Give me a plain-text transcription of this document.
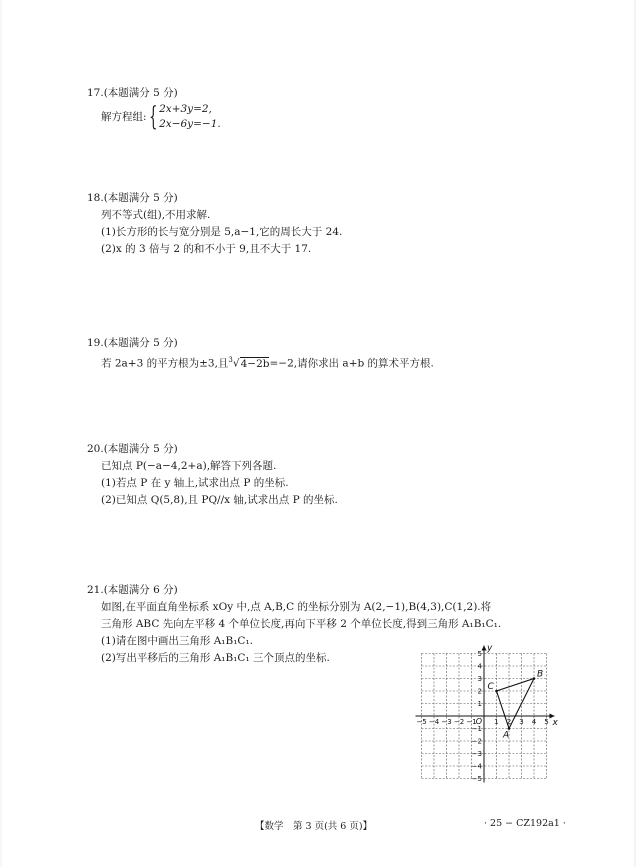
17.(本题满分 5 分)
解方程组:{ 2x+3y=2,
2x−6y=−1.
18.(本题满分 5 分)
列不等式(组),不用求解.
(1)长方形的长与宽分别是 5,a−1,它的周长大于 24.
(2)x 的 3 倍与 2 的和不小于 9,且不大于 17.
19.(本题满分 5 分)
若 2a+3 的平方根为±3,且$^3$√4−2b=−2,请你求出 a+b 的算术平方根.
20.(本题满分 5 分)
已知点 P(−a−4,2+a),解答下列各题.
(1)若点 P 在 y 轴上,试求出点 P 的坐标.
(2)已知点 Q(5,8),且 PQ//x 轴,试求出点 P 的坐标.
21.(本题满分 6 分)
如图,在平面直角坐标系 xOy 中,点 A,B,C 的坐标分别为 A(2,−1),B(4,3),C(1,2).将
三角形 ABC 先向左平移 4 个单位长度,再向下平移 2 个单位长度,得到三角形 A₁B₁C₁.
(1)请在图中画出三角形 A₁B₁C₁.
(2)写出平移后的三角形 A₁B₁C₁ 三个顶点的坐标.
x
y
−5 −4 −3 −2 −1	1 2 3 4 5
5
4
3
2
1
−1
−2
−3
−4
−5
O
A
B
C
【数学　第 3 页(共 6 页)】	· 25 − CZ192a1 ·
